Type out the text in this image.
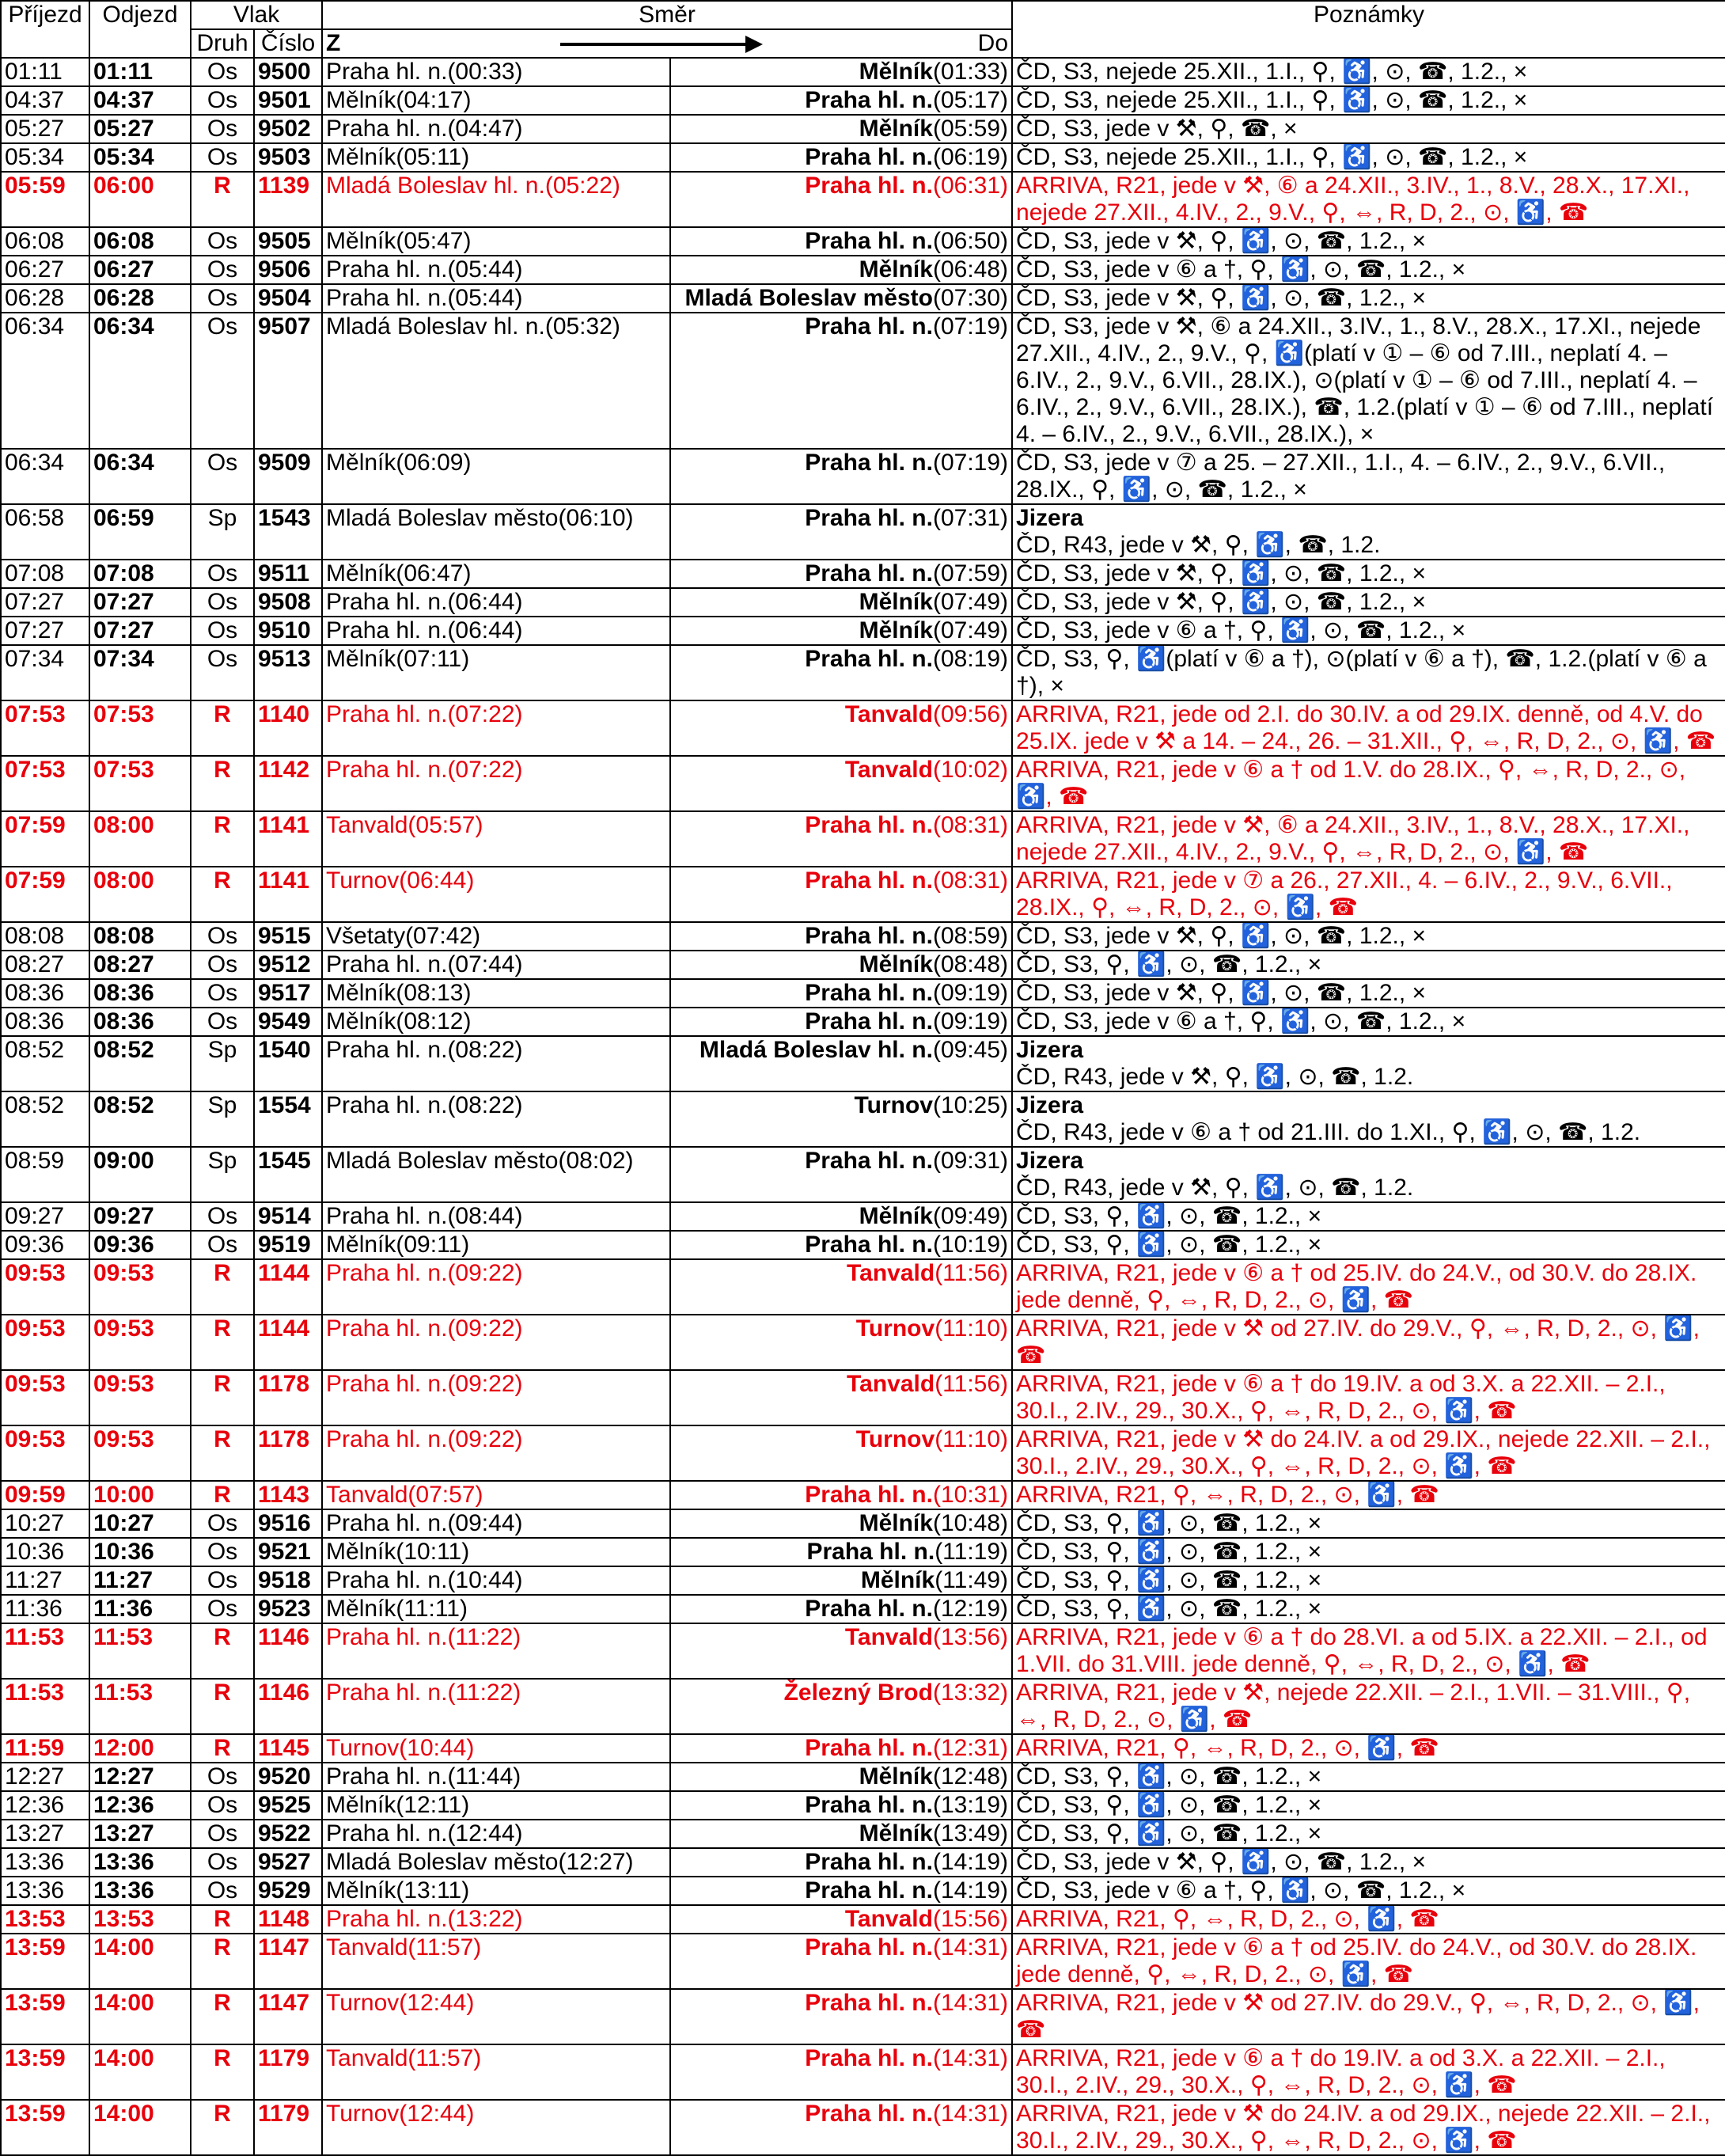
Příjezd	Odjezd	Vlak		Směr		Poznámky
		Druh	Číslo	Z Do		

01:11	01:11	Os	9500	Praha hl. n.(00:33)	Mělník(01:33)	ČD, S3, nejede 25.XII., 1.I., ⚲, ♿, ⊙, ☎, 1.2., ×
04:37	04:37	Os	9501	Mělník(04:17)	Praha hl. n.(05:17)	ČD, S3, nejede 25.XII., 1.I., ⚲, ♿, ⊙, ☎, 1.2., ×
05:27	05:27	Os	9502	Praha hl. n.(04:47)	Mělník(05:59)	ČD, S3, jede v ⚒, ⚲, ☎, ×
05:34	05:34	Os	9503	Mělník(05:11)	Praha hl. n.(06:19)	ČD, S3, nejede 25.XII., 1.I., ⚲, ♿, ⊙, ☎, 1.2., ×
05:59	06:00	R	1139	Mladá Boleslav hl. n.(05:22)	Praha hl. n.(06:31)	ARRIVA, R21, jede v ⚒, ⑥ a 24.XII., 3.IV., 1., 8.V., 28.X., 17.XI., nejede 27.XII., 4.IV., 2., 9.V., ⚲, ⇔, R, D, 2., ⊙, ♿, ☎
06:08	06:08	Os	9505	Mělník(05:47)	Praha hl. n.(06:50)	ČD, S3, jede v ⚒, ⚲, ♿, ⊙, ☎, 1.2., ×
06:27	06:27	Os	9506	Praha hl. n.(05:44)	Mělník(06:48)	ČD, S3, jede v ⑥ a †, ⚲, ♿, ⊙, ☎, 1.2., ×
06:28	06:28	Os	9504	Praha hl. n.(05:44)	Mladá Boleslav město(07:30)	ČD, S3, jede v ⚒, ⚲, ♿, ⊙, ☎, 1.2., ×
06:34	06:34	Os	9507	Mladá Boleslav hl. n.(05:32)	Praha hl. n.(07:19)	ČD, S3, jede v ⚒, ⑥ a 24.XII., 3.IV., 1., 8.V., 28.X., 17.XI., nejede 27.XII., 4.IV., 2., 9.V., ⚲, ♿(platí v ① – ⑥ od 7.III., neplatí 4. – 6.IV., 2., 9.V., 6.VII., 28.IX.), ⊙(platí v ① – ⑥ od 7.III., neplatí 4. – 6.IV., 2., 9.V., 6.VII., 28.IX.), ☎, 1.2.(platí v ① – ⑥ od 7.III., neplatí 4. – 6.IV., 2., 9.V., 6.VII., 28.IX.), ×
06:34	06:34	Os	9509	Mělník(06:09)	Praha hl. n.(07:19)	ČD, S3, jede v ⑦ a 25. – 27.XII., 1.I., 4. – 6.IV., 2., 9.V., 6.VII., 28.IX., ⚲, ♿, ⊙, ☎, 1.2., ×
06:58	06:59	Sp	1543	Mladá Boleslav město(06:10)	Praha hl. n.(07:31)	Jizera
ČD, R43, jede v ⚒, ⚲, ♿, ☎, 1.2.
07:08	07:08	Os	9511	Mělník(06:47)	Praha hl. n.(07:59)	ČD, S3, jede v ⚒, ⚲, ♿, ⊙, ☎, 1.2., ×
07:27	07:27	Os	9508	Praha hl. n.(06:44)	Mělník(07:49)	ČD, S3, jede v ⚒, ⚲, ♿, ⊙, ☎, 1.2., ×
07:27	07:27	Os	9510	Praha hl. n.(06:44)	Mělník(07:49)	ČD, S3, jede v ⑥ a †, ⚲, ♿, ⊙, ☎, 1.2., ×
07:34	07:34	Os	9513	Mělník(07:11)	Praha hl. n.(08:19)	ČD, S3, ⚲, ♿(platí v ⑥ a †), ⊙(platí v ⑥ a †), ☎, 1.2.(platí v ⑥ a †), ×
07:53	07:53	R	1140	Praha hl. n.(07:22)	Tanvald(09:56)	ARRIVA, R21, jede od 2.I. do 30.IV. a od 29.IX. denně, od 4.V. do 25.IX. jede v ⚒ a 14. – 24., 26. – 31.XII., ⚲, ⇔, R, D, 2., ⊙, ♿, ☎
07:53	07:53	R	1142	Praha hl. n.(07:22)	Tanvald(10:02)	ARRIVA, R21, jede v ⑥ a † od 1.V. do 28.IX., ⚲, ⇔, R, D, 2., ⊙, ♿, ☎
07:59	08:00	R	1141	Tanvald(05:57)	Praha hl. n.(08:31)	ARRIVA, R21, jede v ⚒, ⑥ a 24.XII., 3.IV., 1., 8.V., 28.X., 17.XI., nejede 27.XII., 4.IV., 2., 9.V., ⚲, ⇔, R, D, 2., ⊙, ♿, ☎
07:59	08:00	R	1141	Turnov(06:44)	Praha hl. n.(08:31)	ARRIVA, R21, jede v ⑦ a 26., 27.XII., 4. – 6.IV., 2., 9.V., 6.VII., 28.IX., ⚲, ⇔, R, D, 2., ⊙, ♿, ☎
08:08	08:08	Os	9515	Všetaty(07:42)	Praha hl. n.(08:59)	ČD, S3, jede v ⚒, ⚲, ♿, ⊙, ☎, 1.2., ×
08:27	08:27	Os	9512	Praha hl. n.(07:44)	Mělník(08:48)	ČD, S3, ⚲, ♿, ⊙, ☎, 1.2., ×
08:36	08:36	Os	9517	Mělník(08:13)	Praha hl. n.(09:19)	ČD, S3, jede v ⚒, ⚲, ♿, ⊙, ☎, 1.2., ×
08:36	08:36	Os	9549	Mělník(08:12)	Praha hl. n.(09:19)	ČD, S3, jede v ⑥ a †, ⚲, ♿, ⊙, ☎, 1.2., ×
08:52	08:52	Sp	1540	Praha hl. n.(08:22)	Mladá Boleslav hl. n.(09:45)	Jizera
ČD, R43, jede v ⚒, ⚲, ♿, ⊙, ☎, 1.2.
08:52	08:52	Sp	1554	Praha hl. n.(08:22)	Turnov(10:25)	Jizera
ČD, R43, jede v ⑥ a † od 21.III. do 1.XI., ⚲, ♿, ⊙, ☎, 1.2.
08:59	09:00	Sp	1545	Mladá Boleslav město(08:02)	Praha hl. n.(09:31)	Jizera
ČD, R43, jede v ⚒, ⚲, ♿, ⊙, ☎, 1.2.
09:27	09:27	Os	9514	Praha hl. n.(08:44)	Mělník(09:49)	ČD, S3, ⚲, ♿, ⊙, ☎, 1.2., ×
09:36	09:36	Os	9519	Mělník(09:11)	Praha hl. n.(10:19)	ČD, S3, ⚲, ♿, ⊙, ☎, 1.2., ×
09:53	09:53	R	1144	Praha hl. n.(09:22)	Tanvald(11:56)	ARRIVA, R21, jede v ⑥ a † od 25.IV. do 24.V., od 30.V. do 28.IX. jede denně, ⚲, ⇔, R, D, 2., ⊙, ♿, ☎
09:53	09:53	R	1144	Praha hl. n.(09:22)	Turnov(11:10)	ARRIVA, R21, jede v ⚒ od 27.IV. do 29.V., ⚲, ⇔, R, D, 2., ⊙, ♿, ☎
09:53	09:53	R	1178	Praha hl. n.(09:22)	Tanvald(11:56)	ARRIVA, R21, jede v ⑥ a † do 19.IV. a od 3.X. a 22.XII. – 2.I., 30.I., 2.IV., 29., 30.X., ⚲, ⇔, R, D, 2., ⊙, ♿, ☎
09:53	09:53	R	1178	Praha hl. n.(09:22)	Turnov(11:10)	ARRIVA, R21, jede v ⚒ do 24.IV. a od 29.IX., nejede 22.XII. – 2.I., 30.I., 2.IV., 29., 30.X., ⚲, ⇔, R, D, 2., ⊙, ♿, ☎
09:59	10:00	R	1143	Tanvald(07:57)	Praha hl. n.(10:31)	ARRIVA, R21, ⚲, ⇔, R, D, 2., ⊙, ♿, ☎
10:27	10:27	Os	9516	Praha hl. n.(09:44)	Mělník(10:48)	ČD, S3, ⚲, ♿, ⊙, ☎, 1.2., ×
10:36	10:36	Os	9521	Mělník(10:11)	Praha hl. n.(11:19)	ČD, S3, ⚲, ♿, ⊙, ☎, 1.2., ×
11:27	11:27	Os	9518	Praha hl. n.(10:44)	Mělník(11:49)	ČD, S3, ⚲, ♿, ⊙, ☎, 1.2., ×
11:36	11:36	Os	9523	Mělník(11:11)	Praha hl. n.(12:19)	ČD, S3, ⚲, ♿, ⊙, ☎, 1.2., ×
11:53	11:53	R	1146	Praha hl. n.(11:22)	Tanvald(13:56)	ARRIVA, R21, jede v ⑥ a † do 28.VI. a od 5.IX. a 22.XII. – 2.I., od 1.VII. do 31.VIII. jede denně, ⚲, ⇔, R, D, 2., ⊙, ♿, ☎
11:53	11:53	R	1146	Praha hl. n.(11:22)	Železný Brod(13:32)	ARRIVA, R21, jede v ⚒, nejede 22.XII. – 2.I., 1.VII. – 31.VIII., ⚲, ⇔, R, D, 2., ⊙, ♿, ☎
11:59	12:00	R	1145	Turnov(10:44)	Praha hl. n.(12:31)	ARRIVA, R21, ⚲, ⇔, R, D, 2., ⊙, ♿, ☎
12:27	12:27	Os	9520	Praha hl. n.(11:44)	Mělník(12:48)	ČD, S3, ⚲, ♿, ⊙, ☎, 1.2., ×
12:36	12:36	Os	9525	Mělník(12:11)	Praha hl. n.(13:19)	ČD, S3, ⚲, ♿, ⊙, ☎, 1.2., ×
13:27	13:27	Os	9522	Praha hl. n.(12:44)	Mělník(13:49)	ČD, S3, ⚲, ♿, ⊙, ☎, 1.2., ×
13:36	13:36	Os	9527	Mladá Boleslav město(12:27)	Praha hl. n.(14:19)	ČD, S3, jede v ⚒, ⚲, ♿, ⊙, ☎, 1.2., ×
13:36	13:36	Os	9529	Mělník(13:11)	Praha hl. n.(14:19)	ČD, S3, jede v ⑥ a †, ⚲, ♿, ⊙, ☎, 1.2., ×
13:53	13:53	R	1148	Praha hl. n.(13:22)	Tanvald(15:56)	ARRIVA, R21, ⚲, ⇔, R, D, 2., ⊙, ♿, ☎
13:59	14:00	R	1147	Tanvald(11:57)	Praha hl. n.(14:31)	ARRIVA, R21, jede v ⑥ a † od 25.IV. do 24.V., od 30.V. do 28.IX. jede denně, ⚲, ⇔, R, D, 2., ⊙, ♿, ☎
13:59	14:00	R	1147	Turnov(12:44)	Praha hl. n.(14:31)	ARRIVA, R21, jede v ⚒ od 27.IV. do 29.V., ⚲, ⇔, R, D, 2., ⊙, ♿, ☎
13:59	14:00	R	1179	Tanvald(11:57)	Praha hl. n.(14:31)	ARRIVA, R21, jede v ⑥ a † do 19.IV. a od 3.X. a 22.XII. – 2.I., 30.I., 2.IV., 29., 30.X., ⚲, ⇔, R, D, 2., ⊙, ♿, ☎
13:59	14:00	R	1179	Turnov(12:44)	Praha hl. n.(14:31)	ARRIVA, R21, jede v ⚒ do 24.IV. a od 29.IX., nejede 22.XII. – 2.I., 30.I., 2.IV., 29., 30.X., ⚲, ⇔, R, D, 2., ⊙, ♿, ☎
